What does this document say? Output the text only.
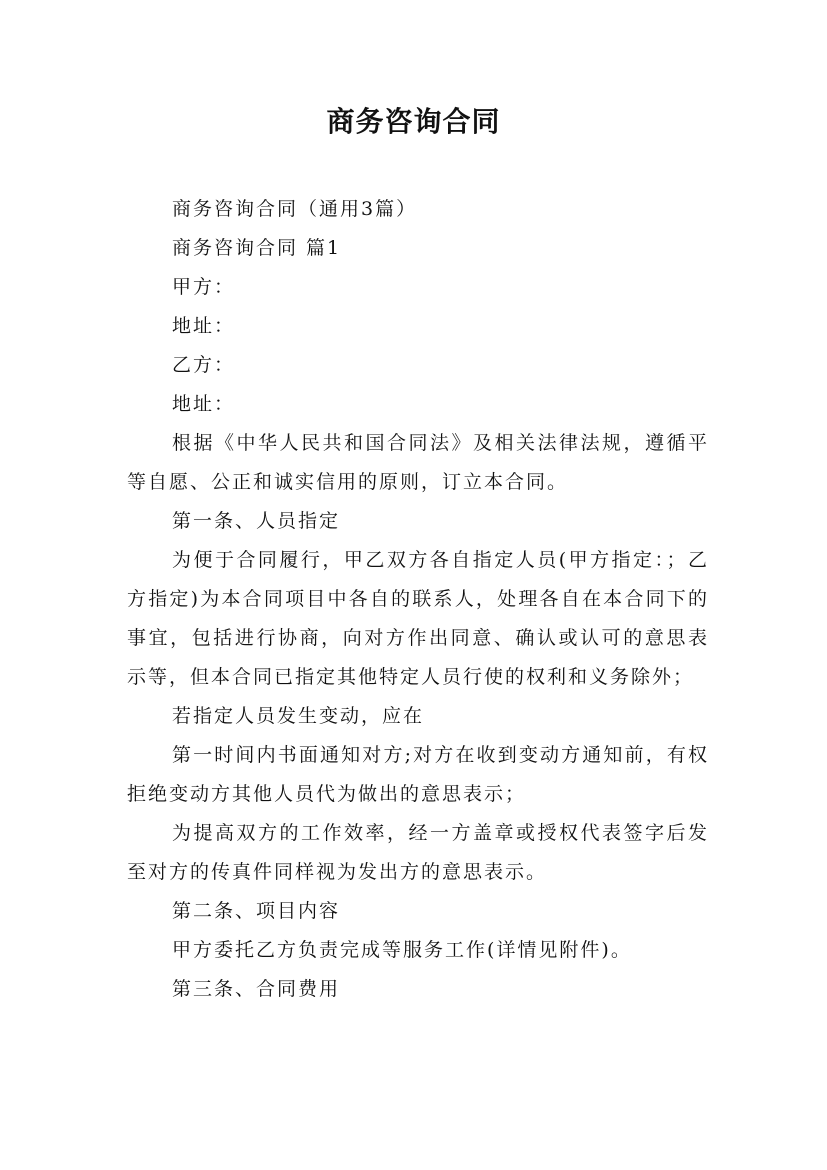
商务咨询合同

商务咨询合同（通用3篇）

商务咨询合同 篇1

甲方：

地址：

乙方：

地址：

根据《中华人民共和国合同法》及相关法律法规，遵循平等自愿、公正和诚实信用的原则，订立本合同。

第一条、人员指定

为便于合同履行，甲乙双方各自指定人员(甲方指定：；乙方指定)为本合同项目中各自的联系人，处理各自在本合同下的事宜，包括进行协商，向对方作出同意、确认或认可的意思表示等，但本合同已指定其他特定人员行使的权利和义务除外；

若指定人员发生变动，应在

第一时间内书面通知对方;对方在收到变动方通知前，有权拒绝变动方其他人员代为做出的意思表示；

为提高双方的工作效率，经一方盖章或授权代表签字后发至对方的传真件同样视为发出方的意思表示。

第二条、项目内容

甲方委托乙方负责完成等服务工作(详情见附件)。

第三条、合同费用
